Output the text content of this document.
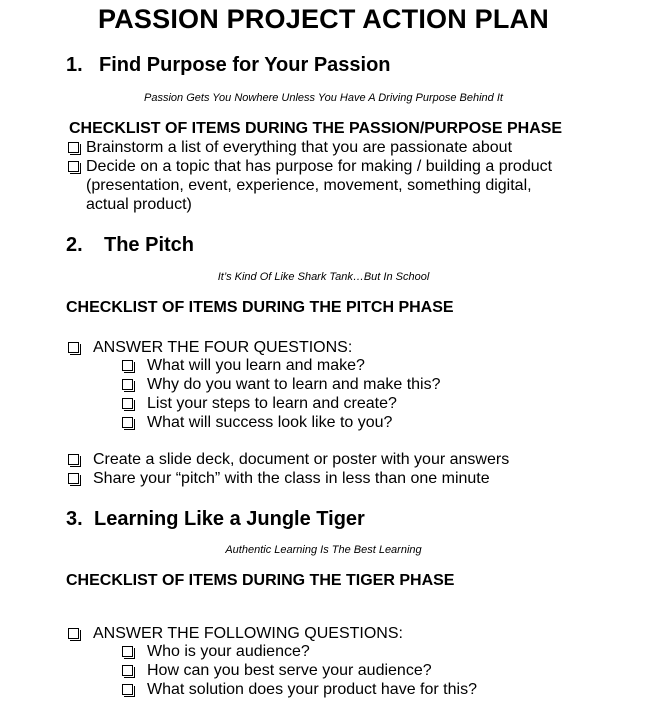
PASSION PROJECT ACTION PLAN
1. Find Purpose for Your Passion
Passion Gets You Nowhere Unless You Have A Driving Purpose Behind It
CHECKLIST OF ITEMS DURING THE PASSION/PURPOSE PHASE
Brainstorm a list of everything that you are passionate about
Decide on a topic that has purpose for making / building a product
(presentation, event, experience, movement, something digital,
actual product)
2. The Pitch
It’s Kind Of Like Shark Tank…But In School
CHECKLIST OF ITEMS DURING THE PITCH PHASE
ANSWER THE FOUR QUESTIONS:
What will you learn and make?
Why do you want to learn and make this?
List your steps to learn and create?
What will success look like to you?
Create a slide deck, document or poster with your answers
Share your “pitch” with the class in less than one minute
3. Learning Like a Jungle Tiger
Authentic Learning Is The Best Learning
CHECKLIST OF ITEMS DURING THE TIGER PHASE
ANSWER THE FOLLOWING QUESTIONS:
Who is your audience?
How can you best serve your audience?
What solution does your product have for this?
